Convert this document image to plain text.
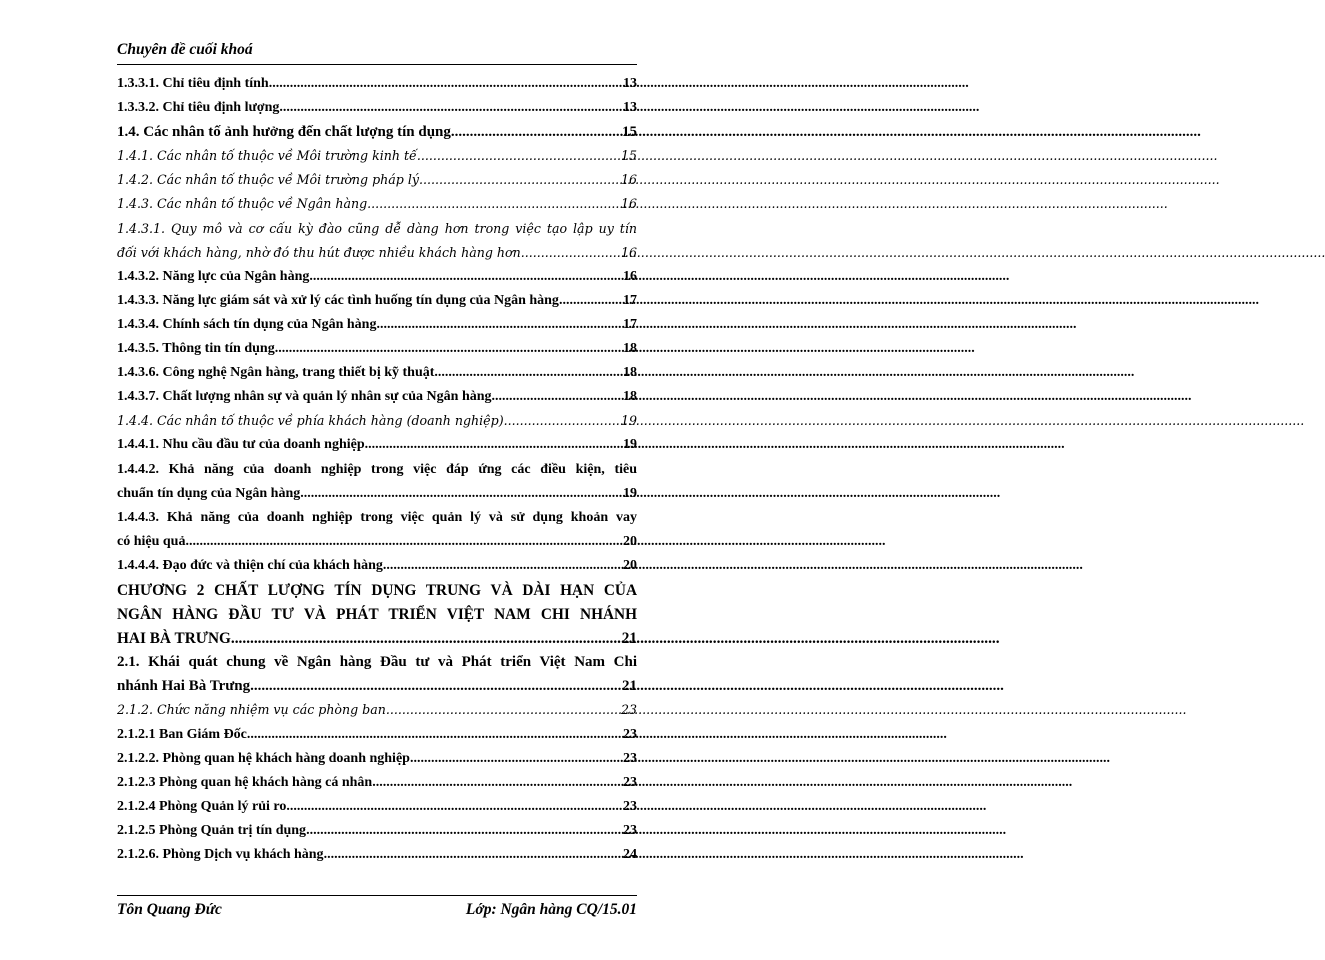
Chuyên đề cuối khoá
1.3.3.1. Chỉ tiêu định tính .....	13
1.3.3.2. Chỉ tiêu định lượng .....	13
1.4. Các nhân tố ảnh hưởng đến chất lượng tín dụng .....	15
1.4.1. Các nhân tố thuộc về Môi trường kinh tế .....	15
1.4.2. Các nhân tố thuộc về Môi trường pháp lý .....	16
1.4.3. Các nhân tố thuộc về Ngân hàng .....	16
1.4.3.1. Quy mô và cơ cấu kỳ đào cũng dễ dàng hơn trong việc tạo lập uy tín
đối với khách hàng, nhờ đó thu hút được nhiều khách hàng hơn. .....	16
1.4.3.2. Năng lực của Ngân hàng .....	16
1.4.3.3. Năng lực giám sát và xử lý các tình huống tín dụng của Ngân hàng .....	17
1.4.3.4. Chính sách tín dụng của Ngân hàng .....	17
1.4.3.5. Thông tin tín dụng .....	18
1.4.3.6. Công nghệ Ngân hàng, trang thiết bị kỹ thuật .....	18
1.4.3.7. Chất lượng nhân sự và quản lý nhân sự của Ngân hàng .....	18
1.4.4. Các nhân tố thuộc về phía khách hàng (doanh nghiệp) .....	19
1.4.4.1. Nhu cầu đầu tư của doanh nghiệp .....	19
1.4.4.2. Khả năng của doanh nghiệp trong việc đáp ứng các điều kiện, tiêu
chuẩn tín dụng của Ngân hàng .....	19
1.4.4.3. Khả năng của doanh nghiệp trong việc quản lý và sử dụng khoản vay
có hiệu quả .....	20
1.4.4.4. Đạo đức và thiện chí của khách hàng .....	20
CHƯƠNG 2 CHẤT LƯỢNG TÍN DỤNG TRUNG VÀ DÀI HẠN CỦA
NGÂN HÀNG ĐẦU TƯ VÀ PHÁT TRIỂN VIỆT NAM CHI NHÁNH
HAI BÀ TRƯNG. .....	21
2.1. Khái quát chung về Ngân hàng Đầu tư và Phát triển Việt Nam Chi
nhánh Hai Bà Trưng. .....	21
2.1.2. Chức năng nhiệm vụ các phòng ban .....	23
2.1.2.1 Ban Giám Đốc .....	23
2.1.2.2. Phòng quan hệ khách hàng doanh nghiệp .....	23
2.1.2.3 Phòng quan hệ khách hàng cá nhân .....	23
2.1.2.4 Phòng Quản lý rủi ro .....	23
2.1.2.5 Phòng Quản trị tín dụng .....	23
2.1.2.6. Phòng Dịch vụ khách hàng .....	24
Tôn Quang Đức	Lớp: Ngân hàng CQ/15.01
